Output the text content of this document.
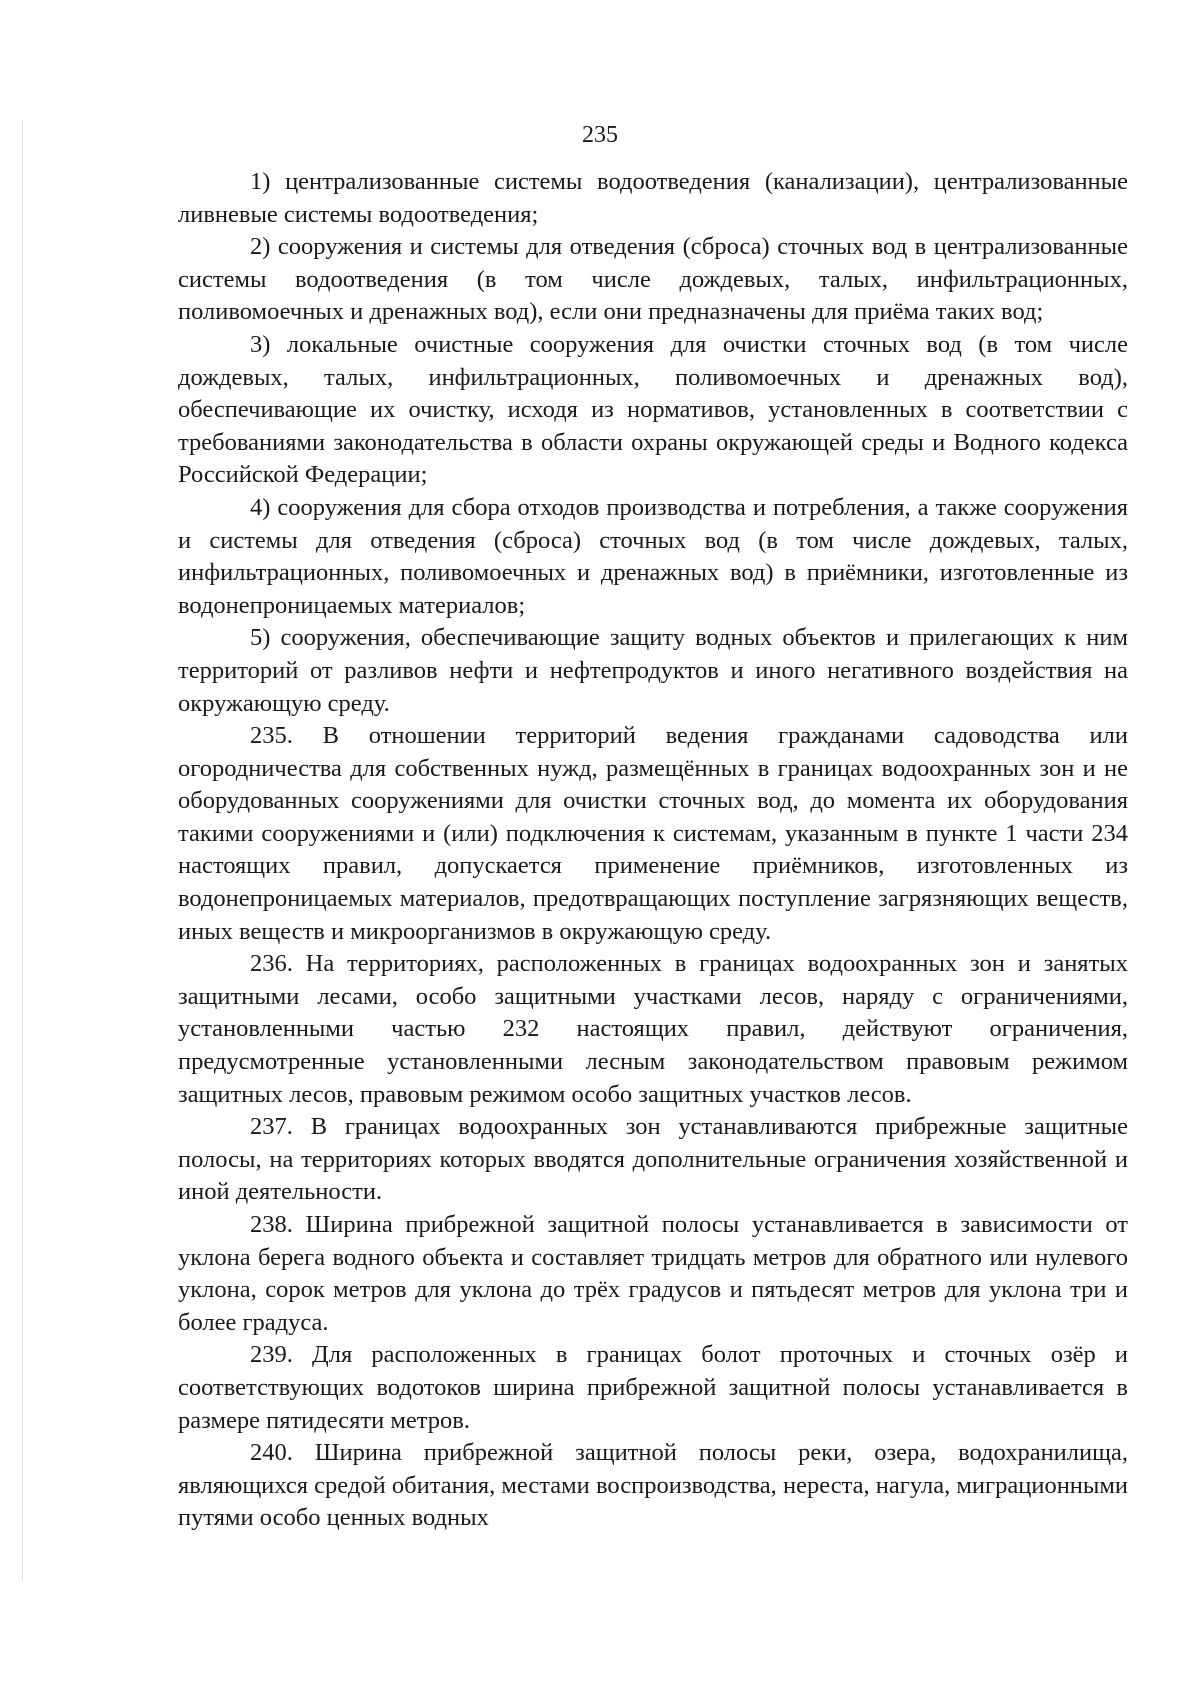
235

1) централизованные системы водоотведения (канализации), централизованные ливневые системы водоотведения;

2) сооружения и системы для отведения (сброса) сточных вод в централизованные системы водоотведения (в том числе дождевых, талых, инфильтрационных, поливомоечных и дренажных вод), если они предназначены для приёма таких вод;

3) локальные очистные сооружения для очистки сточных вод (в том числе дождевых, талых, инфильтрационных, поливомоечных и дренажных вод), обеспечивающие их очистку, исходя из нормативов, установленных в соответствии с требованиями законодательства в области охраны окружающей среды и Водного кодекса Российской Федерации;

4) сооружения для сбора отходов производства и потребления, а также сооружения и системы для отведения (сброса) сточных вод (в том числе дождевых, талых, инфильтрационных, поливомоечных и дренажных вод) в приёмники, изготовленные из водонепроницаемых материалов;

5) сооружения, обеспечивающие защиту водных объектов и прилегающих к ним территорий от разливов нефти и нефтепродуктов и иного негативного воздействия на окружающую среду.

235. В отношении территорий ведения гражданами садоводства или огородничества для собственных нужд, размещённых в границах водоохранных зон и не оборудованных сооружениями для очистки сточных вод, до момента их оборудования такими сооружениями и (или) подключения к системам, указанным в пункте 1 части 234 настоящих правил, допускается применение приёмников, изготовленных из водонепроницаемых материалов, предотвращающих поступление загрязняющих веществ, иных веществ и микроорганизмов в окружающую среду.

236. На территориях, расположенных в границах водоохранных зон и занятых защитными лесами, особо защитными участками лесов, наряду с ограничениями, установленными частью 232 настоящих правил, действуют ограничения, предусмотренные установленными лесным законодательством правовым режимом защитных лесов, правовым режимом особо защитных участков лесов.

237. В границах водоохранных зон устанавливаются прибрежные защитные полосы, на территориях которых вводятся дополнительные ограничения хозяйственной и иной деятельности.

238. Ширина прибрежной защитной полосы устанавливается в зависимости от уклона берега водного объекта и составляет тридцать метров для обратного или нулевого уклона, сорок метров для уклона до трёх градусов и пятьдесят метров для уклона три и более градуса.

239. Для расположенных в границах болот проточных и сточных озёр и соответствующих водотоков ширина прибрежной защитной полосы устанавливается в размере пятидесяти метров.

240. Ширина прибрежной защитной полосы реки, озера, водохранилища, являющихся средой обитания, местами воспроизводства, нереста, нагула, миграционными путями особо ценных водных
